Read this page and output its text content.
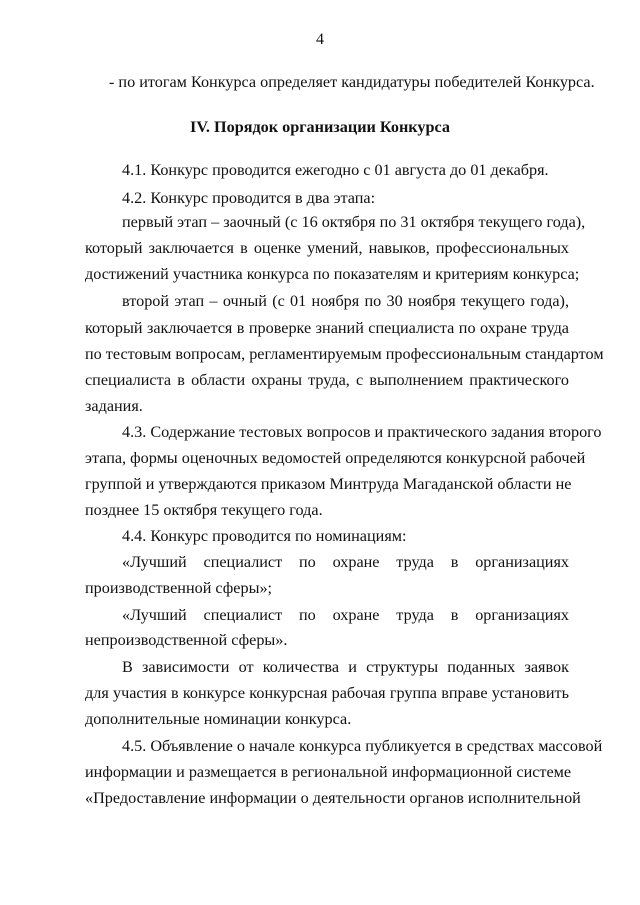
4
- по итогам Конкурса определяет кандидатуры победителей Конкурса.
IV. Порядок организации Конкурса
4.1. Конкурс проводится ежегодно с 01 августа до 01 декабря.
4.2. Конкурс проводится в два этапа:
первый этап – заочный (с 16 октября по 31 октября текущего года),
который заключается в оценке умений, навыков, профессиональных
достижений участника конкурса по показателям и критериям конкурса;
второй этап – очный (с 01 ноября по 30 ноября текущего года),
который заключается в проверке знаний специалиста по охране труда
по тестовым вопросам, регламентируемым профессиональным стандартом
специалиста в области охраны труда, с выполнением практического
задания.
4.3. Содержание тестовых вопросов и практического задания второго
этапа, формы оценочных ведомостей определяются конкурсной рабочей
группой и утверждаются приказом Минтруда Магаданской области не
позднее 15 октября текущего года.
4.4. Конкурс проводится по номинациям:
«Лучший специалист по охране труда в организациях
производственной сферы»;
«Лучший специалист по охране труда в организациях
непроизводственной сферы».
В зависимости от количества и структуры поданных заявок
для участия в конкурсе конкурсная рабочая группа вправе установить
дополнительные номинации конкурса.
4.5. Объявление о начале конкурса публикуется в средствах массовой
информации и размещается в региональной информационной системе
«Предоставление информации о деятельности органов исполнительной
